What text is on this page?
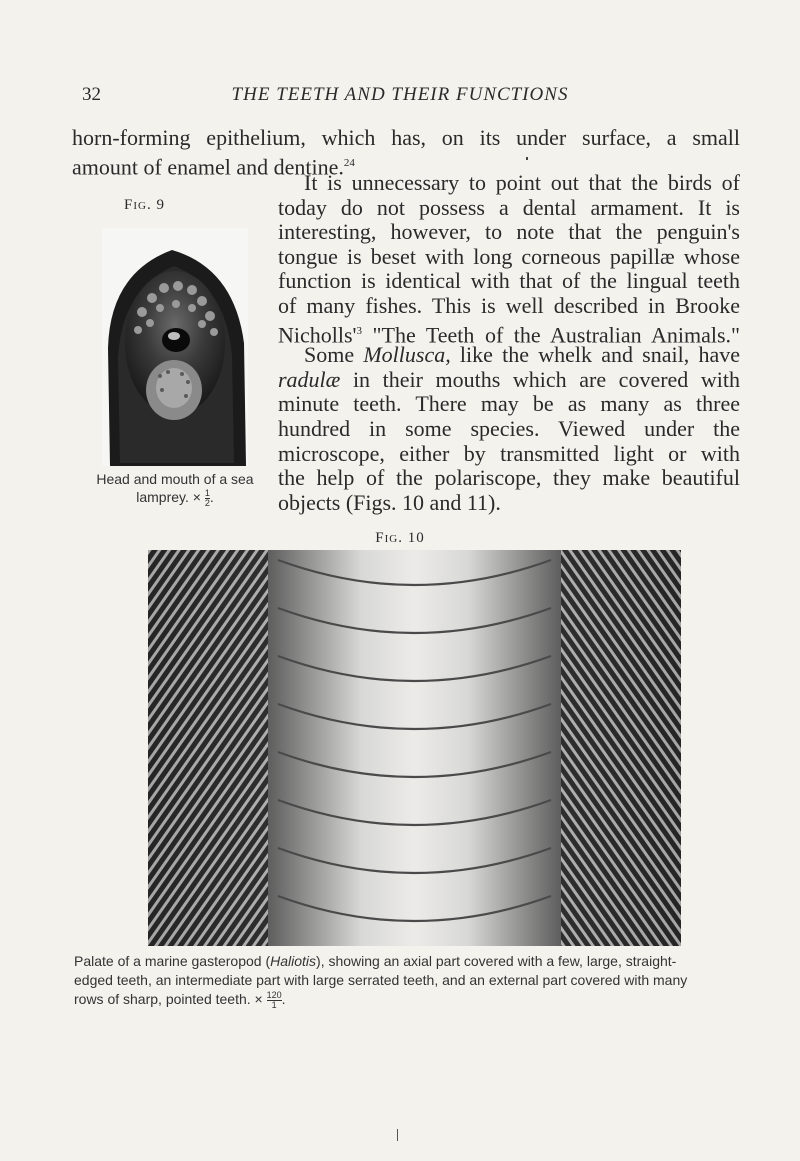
32	THE TEETH AND THEIR FUNCTIONS
horn-forming epithelium, which has, on its under surface, a small
amount of enamel and dentine.$^{24}$
Fig. 9
Head and mouth of a sea
lamprey. × $\frac{1}{2}$ .
It is unnecessary to point out that the birds of
today do not possess a dental armament. It is
interesting, however, to note that the penguin's
tongue is beset with long corneous papillæ whose
function is identical with that of the lingual teeth
of many fishes. This is well described in Brooke
$Nicholls'^3$ "The Teeth of the Australian Animals."
Some Mollusca, like the whelk and snail, have
radulæ in their mouths which are covered with
minute teeth. There may be as many as three
hundred in some species. Viewed under the
microscope, either by transmitted light or with
the help of the polariscope, they make beautiful
objects (Figs. 10 and 11).
Fig. 10
Palate of a marine gasteropod (Haliotis), showing an axial part covered with a few, large, straight-
edged teeth, an intermediate part with large serrated teeth, and an external part covered with many
rows of sharp, pointed teeth. × $\frac{120}{1}$ .
